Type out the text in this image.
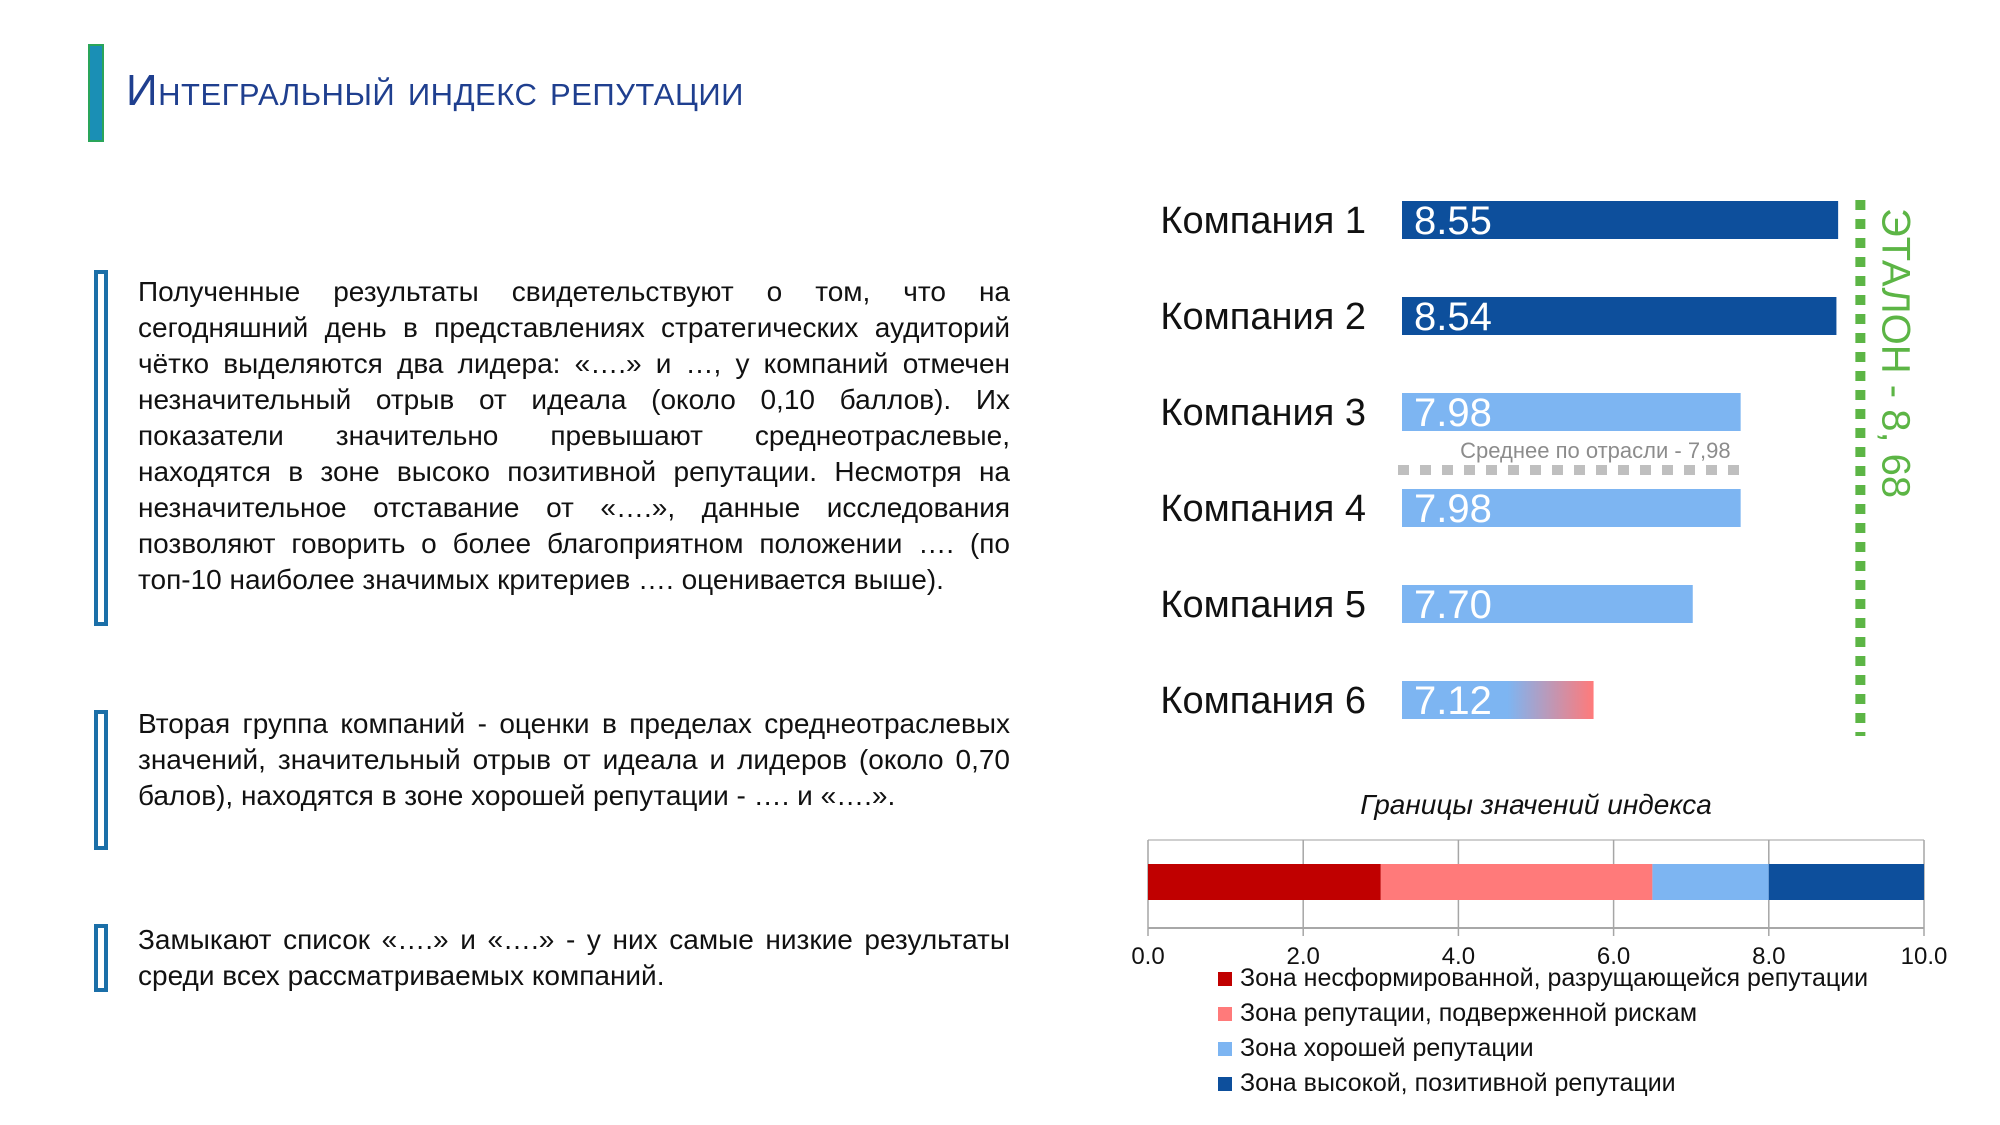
Интегральный индекс репутации
Полученные результаты свидетельствуют о том, что на сегодняшний день в представлениях стратегических аудиторий чётко выделяются два лидера: «….» и …, у компаний отмечен незначительный отрыв от идеала (около 0,10 баллов). Их показатели значительно превышают среднеотраслевые, находятся в зоне высоко позитивной репутации. Несмотря на незначительное отставание от «….», данные исследования позволяют говорить о более благоприятном положении …. (по топ-10 наиболее значимых критериев …. оценивается выше).
Вторая группа компаний - оценки в пределах среднеотраслевых значений, значительный отрыв от идеала и лидеров (около 0,70 балов), находятся в зоне хорошей репутации - …. и «….».
Замыкают список «….» и «….» - у них самые низкие результаты среди всех рассматриваемых компаний.
Компания 1 8.55
Компания 2 8.54
Компания 3 7.98
Компания 4 7.98
Компания 5 7.70
Компания 6 7.12
ЭТАЛОН - 8, 68
Среднее по отрасли - 7,98
Границы значений индекса
0.0	2.0	4.0	6.0	8.0	10.0
Зона несформированной, разрущающейся репутации
Зона репутации, подверженной рискам
Зона хорошей репутации
Зона высокой, позитивной репутации
